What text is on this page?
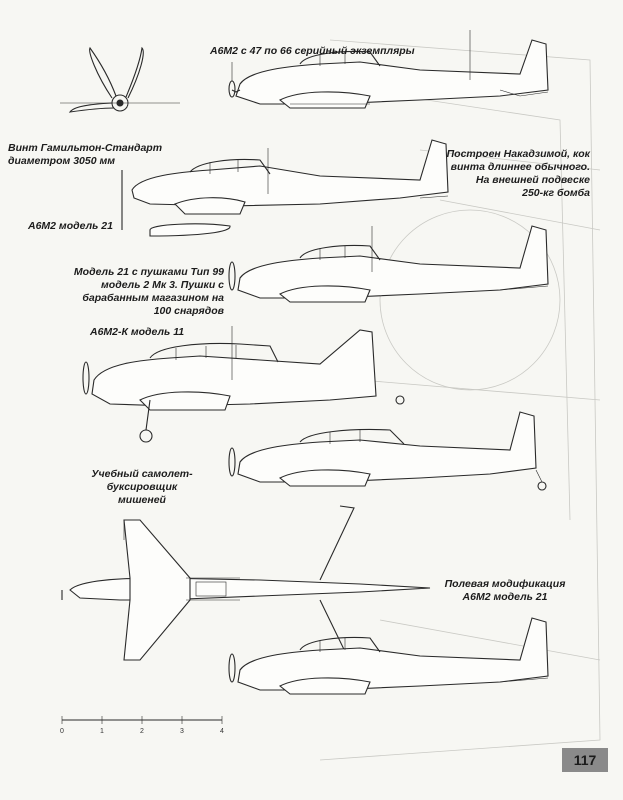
0	1	2	3	4
А6М2 с 47 по 66 серийный экземпляры
Винт Гамильтон-Стандарт
диаметром 3050 мм
Построен Накадзимой, кок
винта длиннее обычного.
На внешней подвеске
250-кг бомба
А6М2 модель 21
Модель 21 с пушками Тип 99
модель 2 Мк 3. Пушки с
барабанным магазином на
100 снарядов
А6М2-К модель 11
Учебный самолет-
буксировщик мишеней
Полевая модификация
А6М2 модель 21
117
